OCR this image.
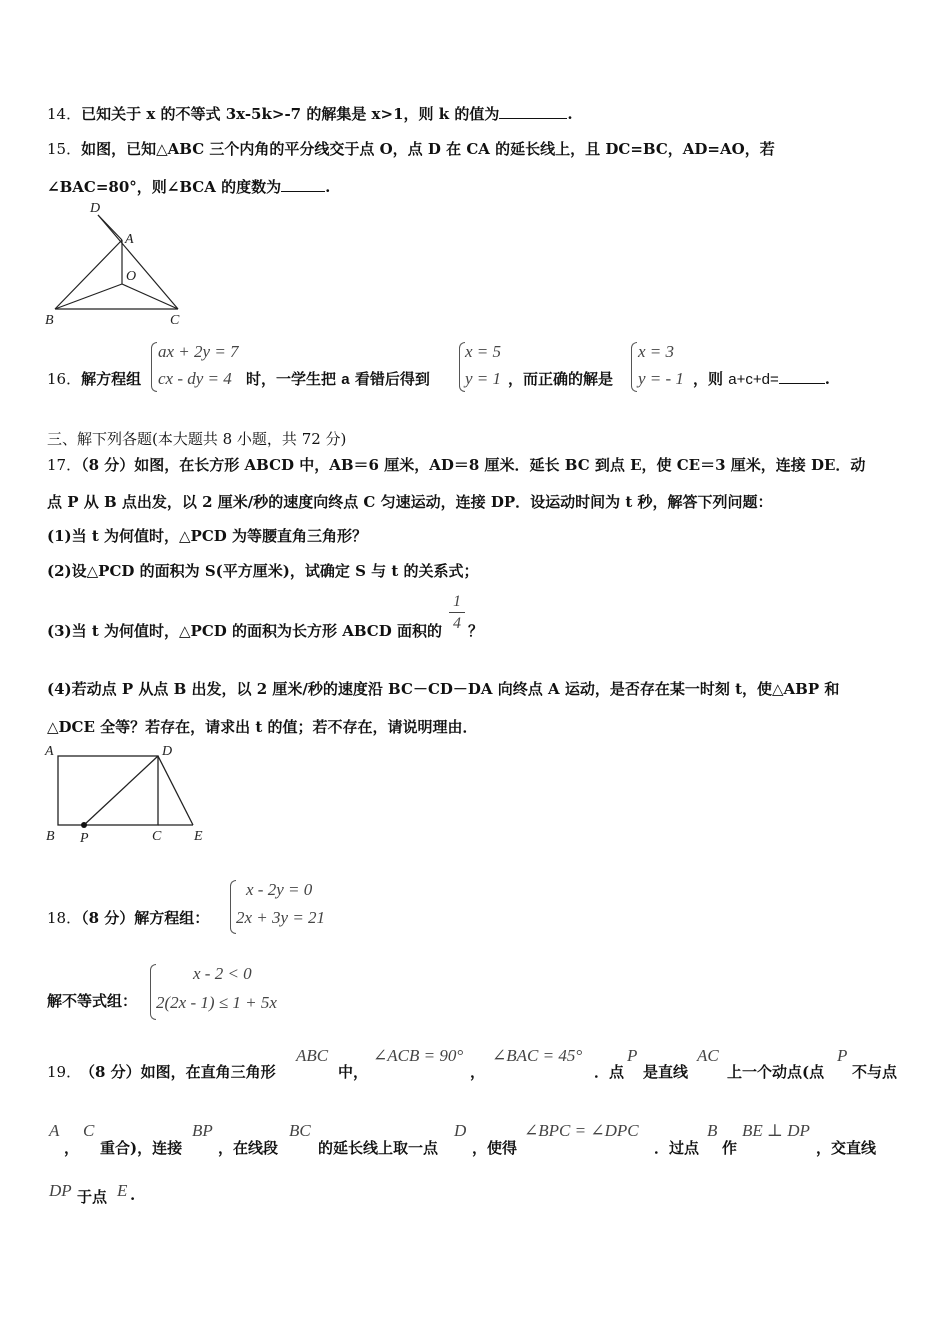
14．已知关于 x 的不等式 3x-5k>-7 的解集是 x>1，则 k 的值为	.
15．如图，已知△ABC 三个内角的平分线交于点 O，点 D 在 CA 的延长线上，且 DC=BC，AD=AO，若
∠BAC=80°，则∠BCA 的度数为	.
D
A
O
B	C
16．解方程组
ax + 2y = 7
cx - dy = 4 时，一学生把 a 看错后得到
x = 5
y = 1 ，而正确的解是
x = 3
y = - 1 ，则 a+c+d=	.
三、解下列各题(本大题共 8 小题，共 72 分)
17．（8 分）如图，在长方形 ABCD 中，AB＝6 厘米，AD＝8 厘米．延长 BC 到点 E，使 CE＝3 厘米，连接 DE．动
点 P 从 B 点出发，以 2 厘米/秒的速度向终点 C 匀速运动，连接 DP．设运动时间为 t 秒，解答下列问题：
(1)当 t 为何值时，△PCD 为等腰直角三角形？
(2)设△PCD 的面积为 S(平方厘米)，试确定 S 与 t 的关系式；
(3)当 t 为何值时，△PCD 的面积为长方形 ABCD 面积的 $\frac{1}{4}$ ？
(4)若动点 P 从点 B 出发，以 2 厘米/秒的速度沿 BC－CD－DA 向终点 A 运动，是否存在某一时刻 t，使△ABP 和
△DCE 全等？若存在，请求出 t 的值；若不存在，请说明理由．
A	D
B P	C E
18．（8 分）解方程组：
x - 2y = 0
2x + 3y = 21
解不等式组：
x - 2 < 0
2(2x - 1) ≤ 1 + 5x
19．
（8 分）如图，在直角三角形
ABC
中，
∠ACB = 90°
，
∠BAC = 45°
．点
P
是直线
AC
上一个动点(点
P
不与点
A
，
C
重合)，连接
BP
，在线段
BC
的延长线上取一点
D
，使得
∠BPC = ∠DPC
．过点
B
作
BE ⊥ DP
，交直线
DP 于点 E .
